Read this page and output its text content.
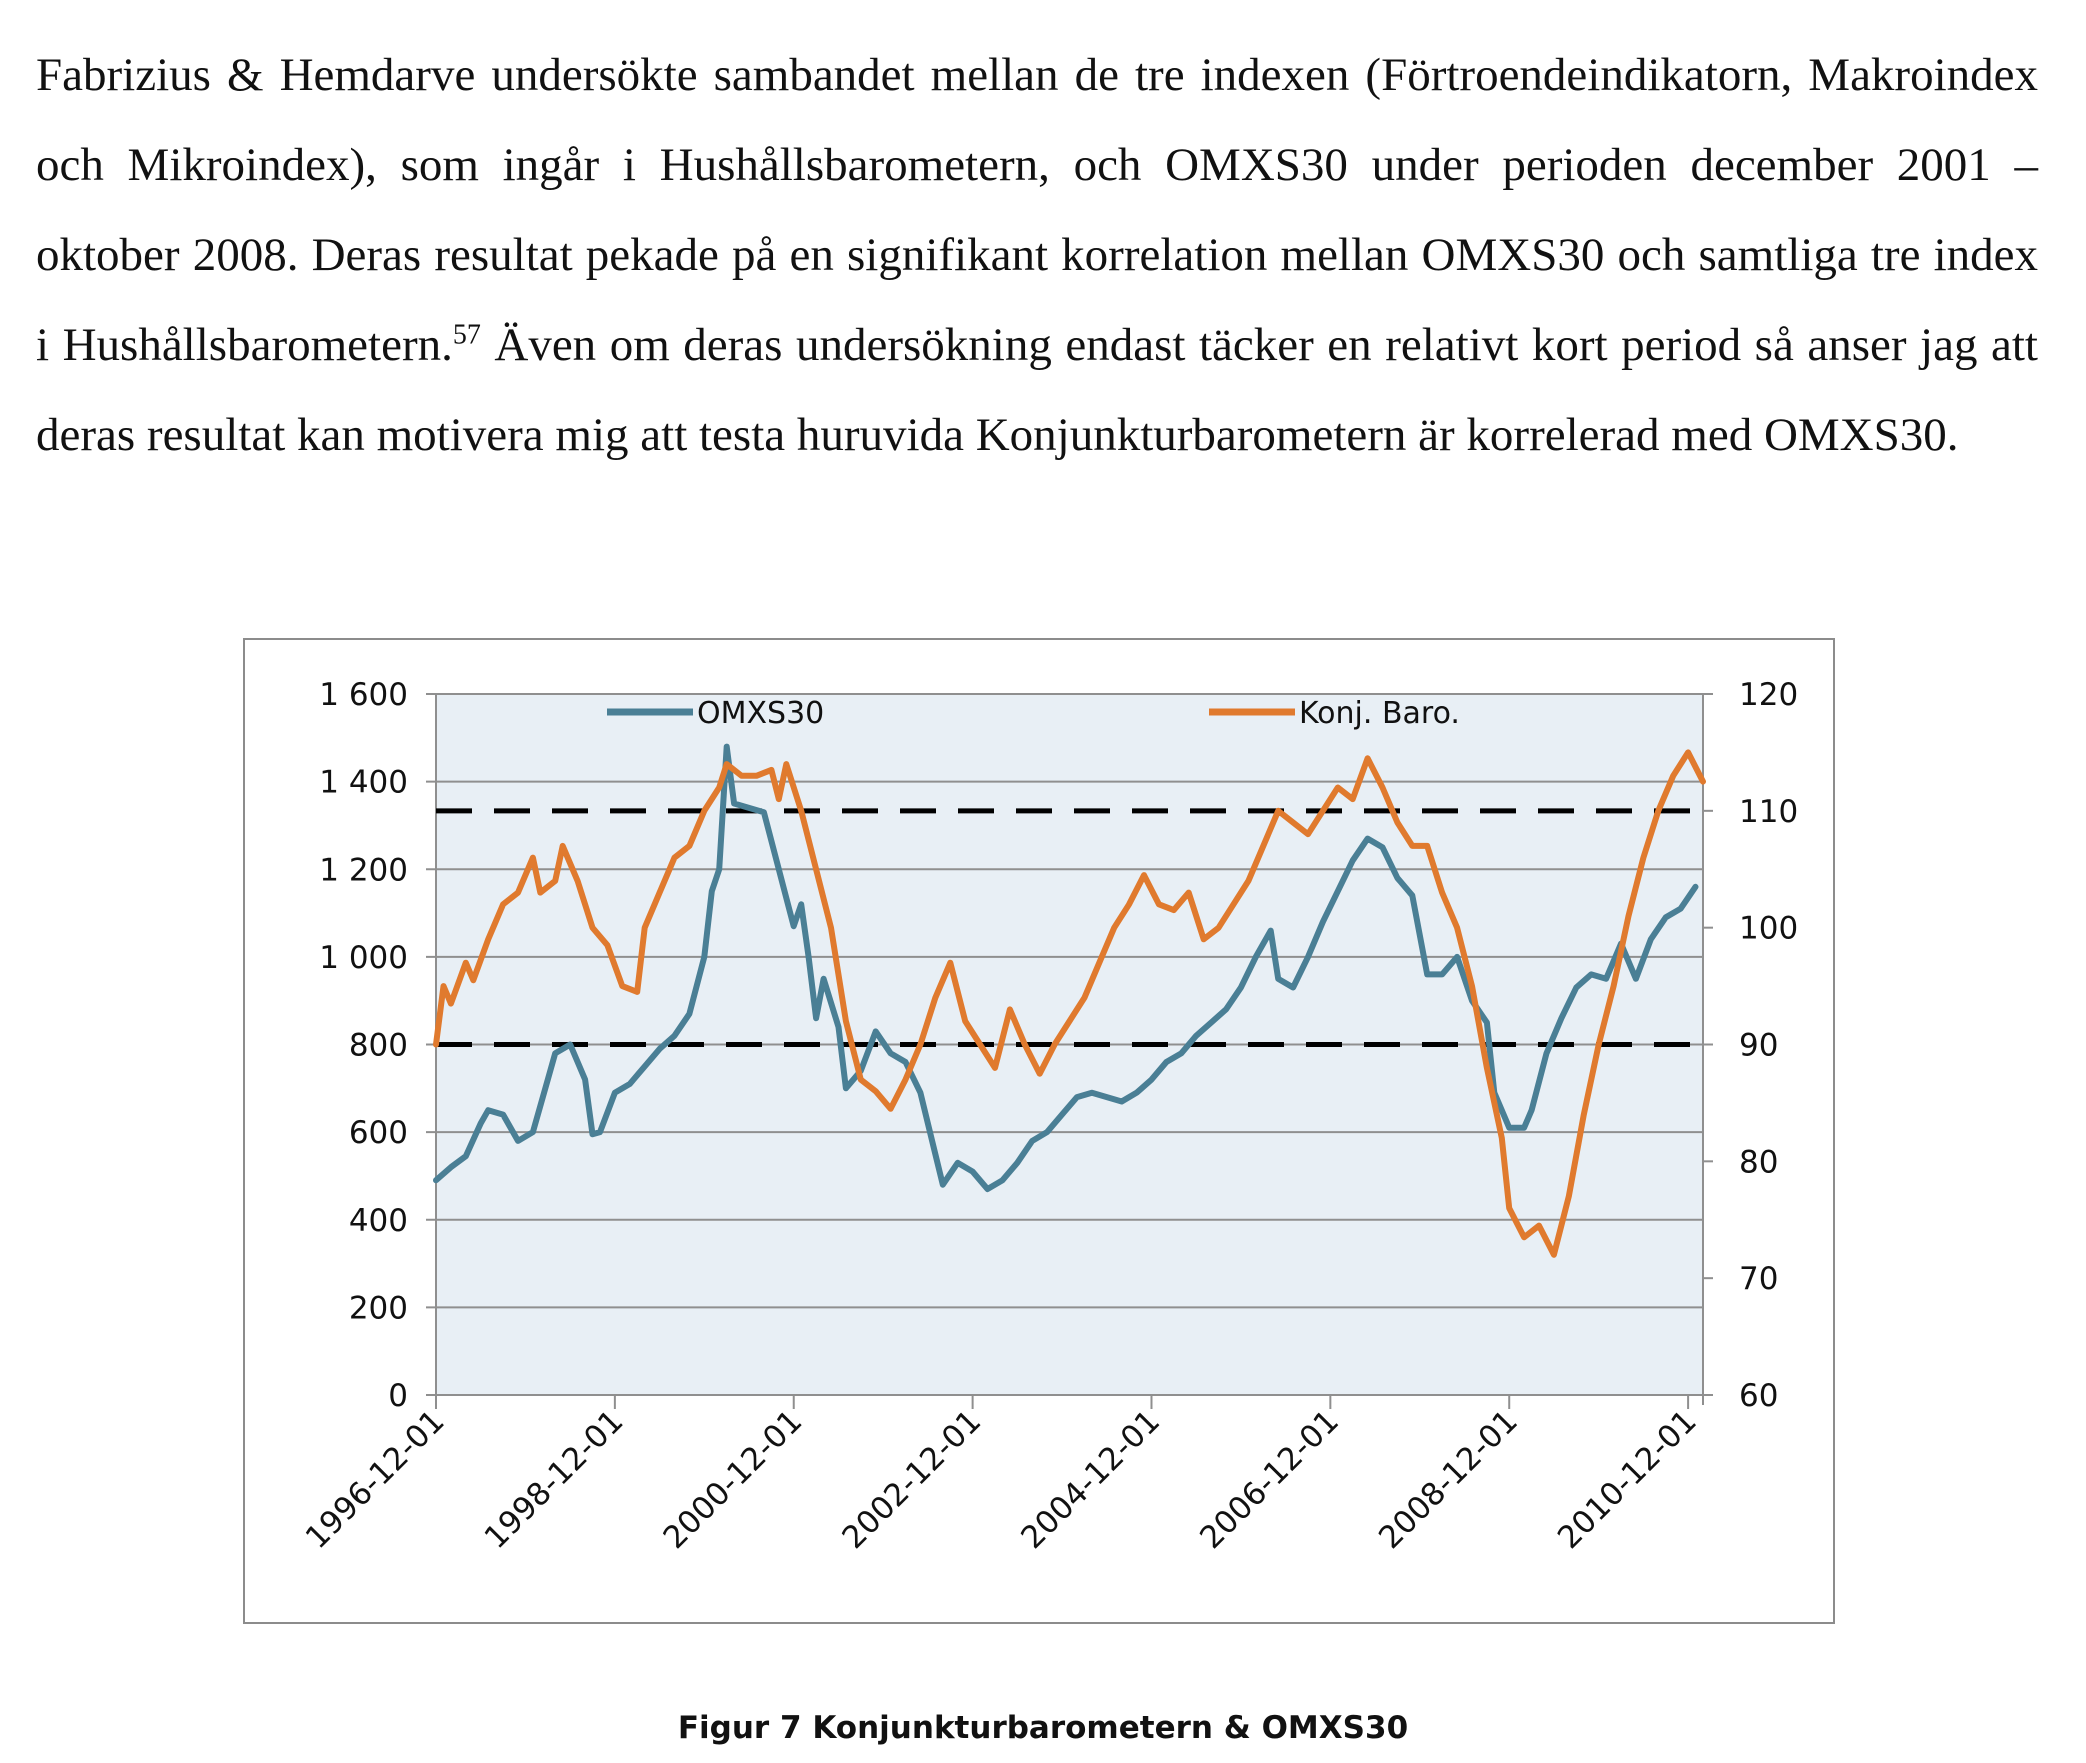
Fabrizius & Hemdarve undersökte sambandet mellan de tre indexen (Förtroendeindikatorn, Makroindex och Mikroindex), som ingår i Hushållsbarometern, och OMXS30 under perioden december 2001 – oktober 2008. Deras resultat pekade på en signifikant korrelation mellan OMXS30 och samtliga tre index i Hushållsbarometern.$^{57}$ Även om deras undersökning endast täcker en relativt kort period så anser jag att deras resultat kan motivera mig att testa huruvida Konjunkturbarometern är korrelerad med OMXS30.

0
200
400
600
800
1 000
1 200
1 400
1 600
60
70
80
90
100
110
120
1996-12-01 1998-12-01 2000-12-01 2002-12-01 2004-12-01 2006-12-01 2008-12-01 2010-12-01
OMXS30	Konj. Baro.
Figur 7 Konjunkturbarometern & OMXS30
